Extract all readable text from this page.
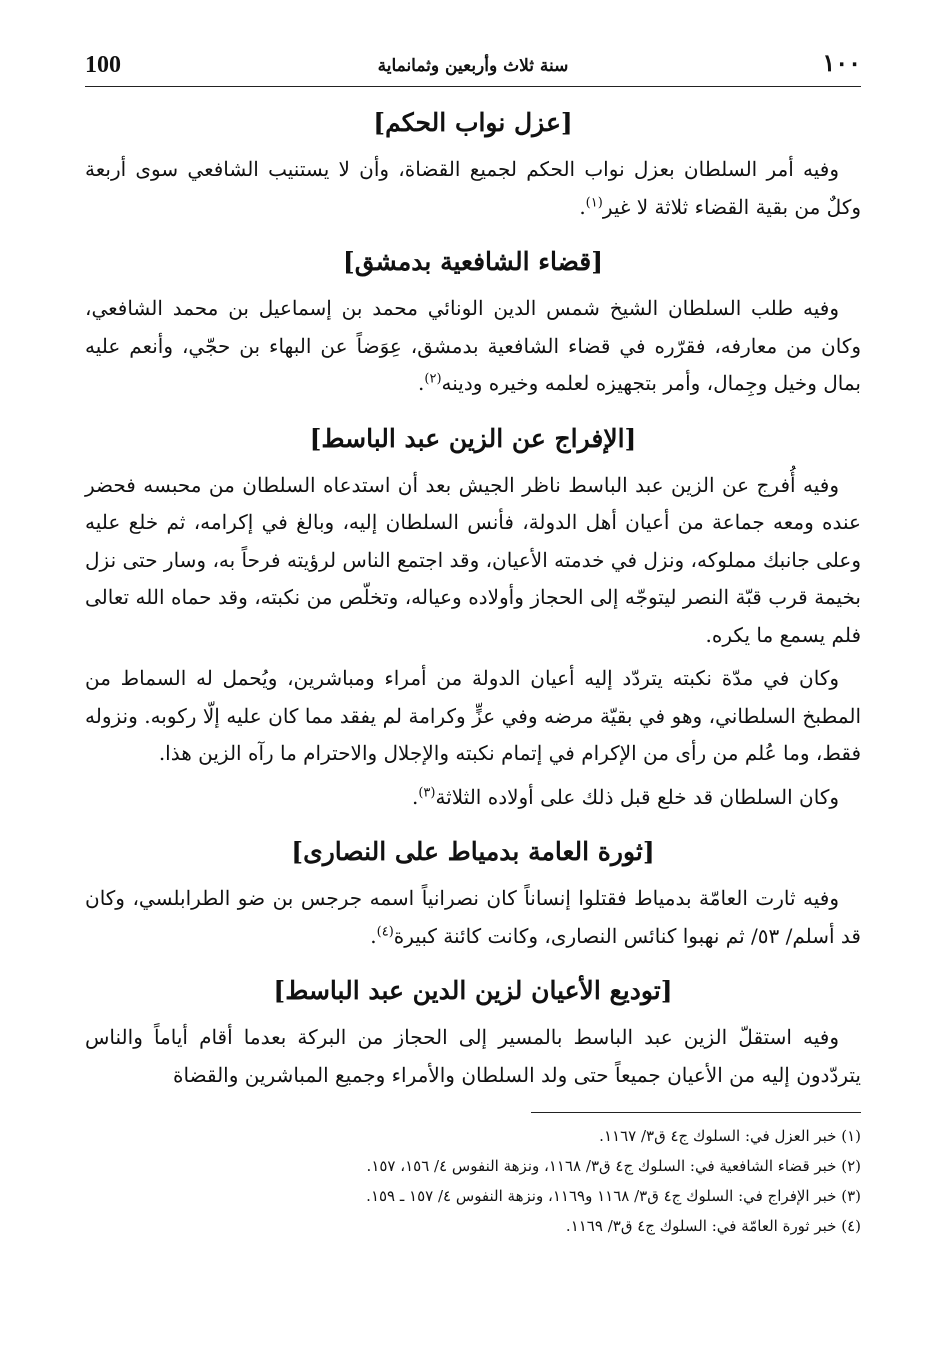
100	سنة ثلاث وأربعين وثمانماية	١٠٠
[عزل نواب الحكم]

وفيه أمر السلطان بعزل نواب الحكم لجميع القضاة، وأن لا يستنيب الشافعي سوى أربعة وكلٌ من بقية القضاء ثلاثة لا غير$^{(١)}$.

[قضاء الشافعية بدمشق]

وفيه طلب السلطان الشيخ شمس الدين الونائي محمد بن إسماعيل بن محمد الشافعي، وكان من معارفه، فقرّره في قضاء الشافعية بدمشق، عِوَضاً عن البهاء بن حجّي، وأنعم عليه بمال وخيل وجِمال، وأمر بتجهيزه لعلمه وخيره ودينه$^{(٢)}$.

[الإفراج عن الزين عبد الباسط]

وفيه أُفرج عن الزين عبد الباسط ناظر الجيش بعد أن استدعاه السلطان من محبسه فحضر عنده ومعه جماعة من أعيان أهل الدولة، فأنس السلطان إليه، وبالغ في إكرامه، ثم خلع عليه وعلى جانبك مملوكه، ونزل في خدمته الأعيان، وقد اجتمع الناس لرؤيته فرحاً به، وسار حتى نزل بخيمة قرب قبّة النصر ليتوجّه إلى الحجاز وأولاده وعياله، وتخلّص من نكبته، وقد حماه الله تعالى فلم يسمع ما يكره.

وكان في مدّة نكبته يتردّد إليه أعيان الدولة من أمراء ومباشرين، ويُحمل له السماط من المطبخ السلطاني، وهو في بقيّة مرضه وفي عزٍّ وكرامة لم يفقد مما كان عليه إلّا ركوبه. ونزوله فقط، وما عُلم من رأى من الإكرام في إتمام نكبته والإجلال والاحترام ما رآه الزين هذا.

وكان السلطان قد خلع قبل ذلك على أولاده الثلاثة$^{(٣)}$.

[ثورة العامة بدمياط على النصارى]

وفيه ثارت العامّة بدمياط فقتلوا إنساناً كان نصرانياً اسمه جرجس بن ضو الطرابلسي، وكان قد أسلم/ ٥٣/ ثم نهبوا كنائس النصارى، وكانت كائنة كبيرة$^{(٤)}$.

[توديع الأعيان لزين الدين عبد الباسط]

وفيه استقلّ الزين عبد الباسط بالمسير إلى الحجاز من البركة بعدما أقام أياماً والناس يتردّدون إليه من الأعيان جميعاً حتى ولد السلطان والأمراء وجميع المباشرين والقضاة

(١) خبر العزل في: السلوك ج٤ ق٣/ ١١٦٧.

(٢) خبر قضاء الشافعية في: السلوك ج٤ ق٣/ ١١٦٨، ونزهة النفوس ٤/ ١٥٦، ١٥٧.

(٣) خبر الإفراج في: السلوك ج٤ ق٣/ ١١٦٨ و١١٦٩، ونزهة النفوس ٤/ ١٥٧ ـ ١٥٩.

(٤) خبر ثورة العامّة في: السلوك ج٤ ق٣/ ١١٦٩.
